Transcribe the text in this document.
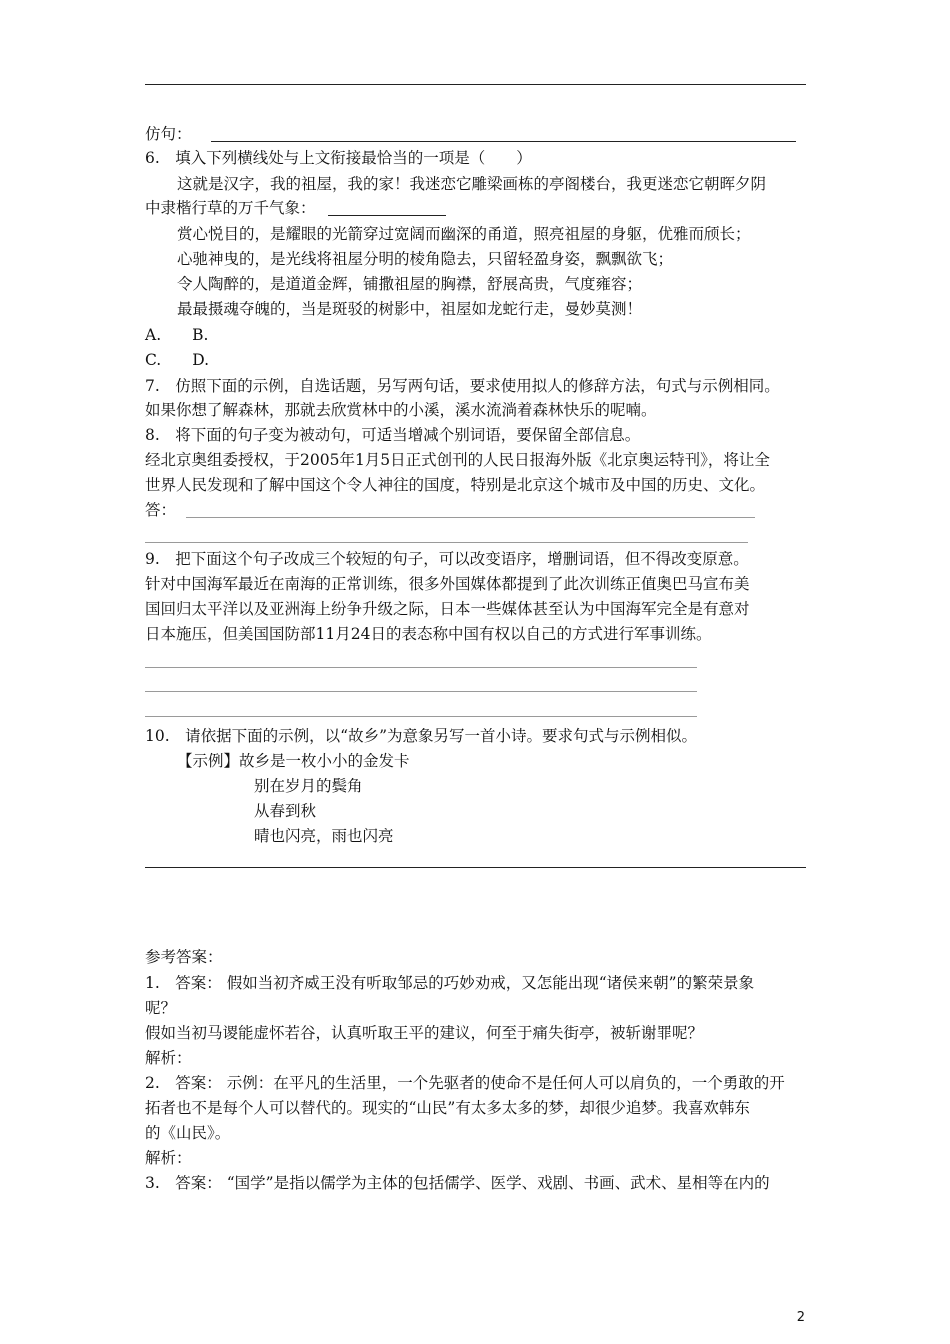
仿句：
6.　填入下列横线处与上文衔接最恰当的一项是（　　）
这就是汉字，我的祖屋，我的家！我迷恋它雕梁画栋的亭阁楼台，我更迷恋它朝晖夕阴
中隶楷行草的万千气象：
赏心悦目的，是耀眼的光箭穿过宽阔而幽深的甬道，照亮祖屋的身躯，优雅而颀长；
心驰神曳的，是光线将祖屋分明的棱角隐去，只留轻盈身姿，飘飘欲飞；
令人陶醉的，是道道金辉，铺撒祖屋的胸襟，舒展高贵，气度雍容；
最最摄魂夺魄的，当是斑驳的树影中，祖屋如龙蛇行走，曼妙莫测！
A.　　B.
C.　　D.
7.　仿照下面的示例，自选话题，另写两句话，要求使用拟人的修辞方法，句式与示例相同。
如果你想了解森林，那就去欣赏林中的小溪，溪水流淌着森林快乐的呢喃。
8.　将下面的句子变为被动句，可适当增减个别词语，要保留全部信息。
经北京奥组委授权，于2005年1月5日正式创刊的人民日报海外版《北京奥运特刊》，将让全
世界人民发现和了解中国这个令人神往的国度，特别是北京这个城市及中国的历史、文化。
答：
9.　把下面这个句子改成三个较短的句子，可以改变语序，增删词语，但不得改变原意。
针对中国海军最近在南海的正常训练，很多外国媒体都提到了此次训练正值奥巴马宣布美
国回归太平洋以及亚洲海上纷争升级之际，日本一些媒体甚至认为中国海军完全是有意对
日本施压，但美国国防部11月24日的表态称中国有权以自己的方式进行军事训练。
10.　请依据下面的示例，以“故乡”为意象另写一首小诗。要求句式与示例相似。
【示例】故乡是一枚小小的金发卡
别在岁月的鬓角
从春到秋
晴也闪亮，雨也闪亮
参考答案：
1.　答案： 假如当初齐威王没有听取邹忌的巧妙劝戒，又怎能出现“诸侯来朝”的繁荣景象
呢？
假如当初马谡能虚怀若谷，认真听取王平的建议，何至于痛失街亭，被斩谢罪呢？
解析：
2.　答案： 示例：在平凡的生活里，一个先驱者的使命不是任何人可以肩负的，一个勇敢的开
拓者也不是每个人可以替代的。现实的“山民”有太多太多的梦，却很少追梦。我喜欢韩东
的《山民》。
解析：
3.　答案： “国学”是指以儒学为主体的包括儒学、医学、戏剧、书画、武术、星相等在内的
2
